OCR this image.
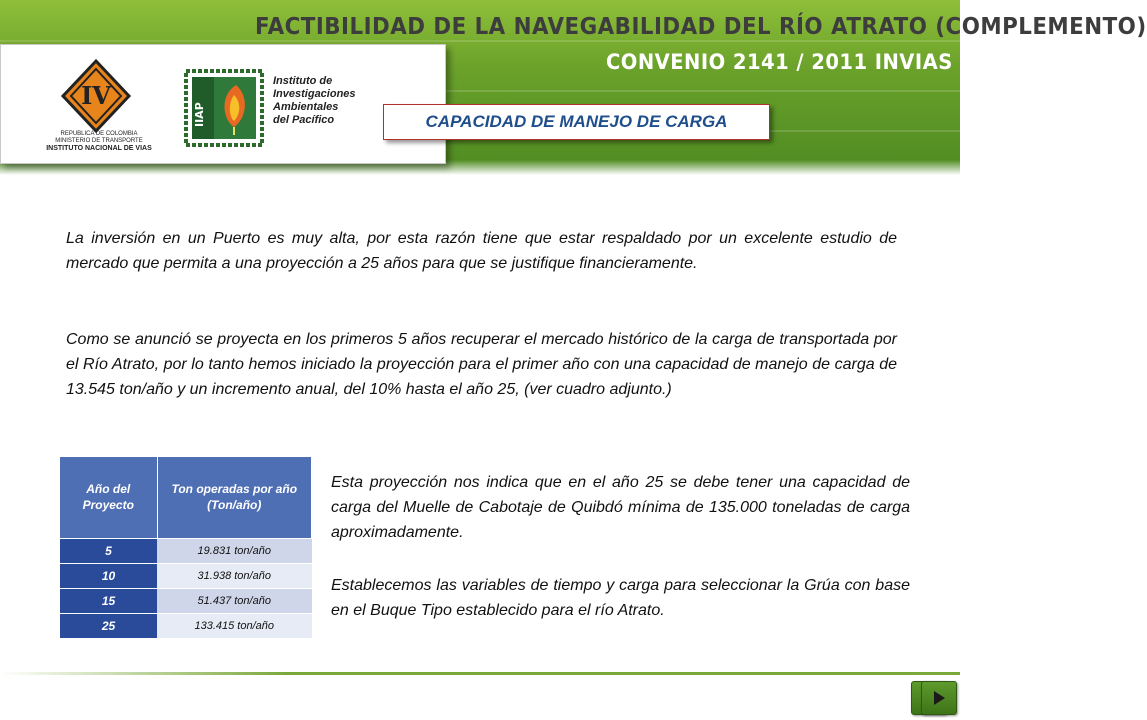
FACTIBILIDAD DE LA NAVEGABILIDAD DEL RÍO ATRATO (COMPLEMENTO)
CONVENIO 2141 / 2011 INVIAS E IIAP
IV
REPUBLICA DE COLOMBIA
MINISTERIO DE TRANSPORTE
INSTITUTO NACIONAL DE VIAS
IIAP
Instituto de
Investigaciones
Ambientales
del Pacífico	CAPACIDAD DE MANEJO DE CARGA

La inversión en un Puerto es muy alta, por esta razón tiene que estar respaldado por un excelente estudio de mercado que permita a una proyección a 25 años para que se justifique financieramente.

Como se anunció se proyecta en los primeros 5 años recuperar el mercado histórico de la carga de transportada por el Río Atrato, por lo tanto hemos iniciado la proyección para el primer año con una capacidad de manejo de carga de 13.545 ton/año y un incremento anual, del 10% hasta el año 25, (ver cuadro adjunto.)

Año del Proyecto	Ton operadas por año (Ton/año)
5	19.831 ton/año
10	31.938 ton/año
15	51.437 ton/año
25	133.415 ton/año

Esta proyección nos indica que en el año 25 se debe tener una capacidad de carga del Muelle de Cabotaje de Quibdó mínima de 135.000 toneladas de carga aproximadamente.

Establecemos las variables de tiempo y carga para seleccionar la Grúa con base en el Buque Tipo establecido para el río Atrato.
